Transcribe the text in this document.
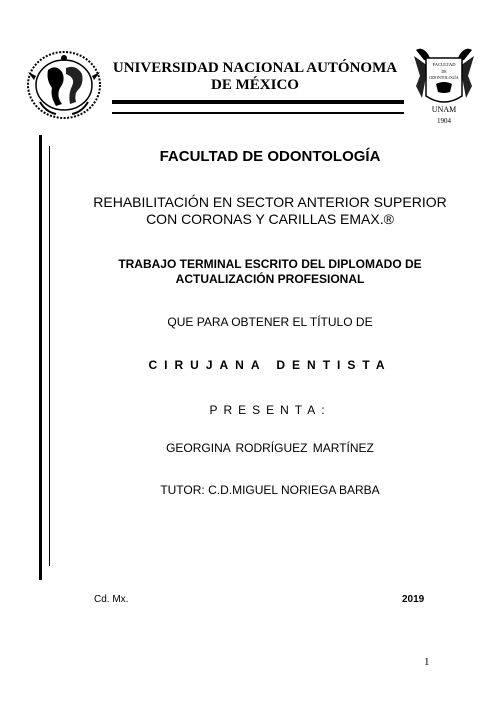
UNIVERSIDAD NACIONAL AUTÓNOMA DE MÉXICO
FACULTAD
DE
ODONTOLOGÍA
UNAM
1904
FACULTAD DE ODONTOLOGÍA
REHABILITACIÓN EN SECTOR ANTERIOR SUPERIOR CON CORONAS Y CARILLAS EMAX.®
TRABAJO TERMINAL ESCRITO DEL DIPLOMADO DE ACTUALIZACIÓN PROFESIONAL
QUE PARA OBTENER EL TÍTULO DE
CIRUJANA DENTISTA
PRESENTA:
GEORGINA RODRÍGUEZ MARTÍNEZ
TUTOR: C.D.MIGUEL NORIEGA BARBA
Cd. Mx.	2019
1
